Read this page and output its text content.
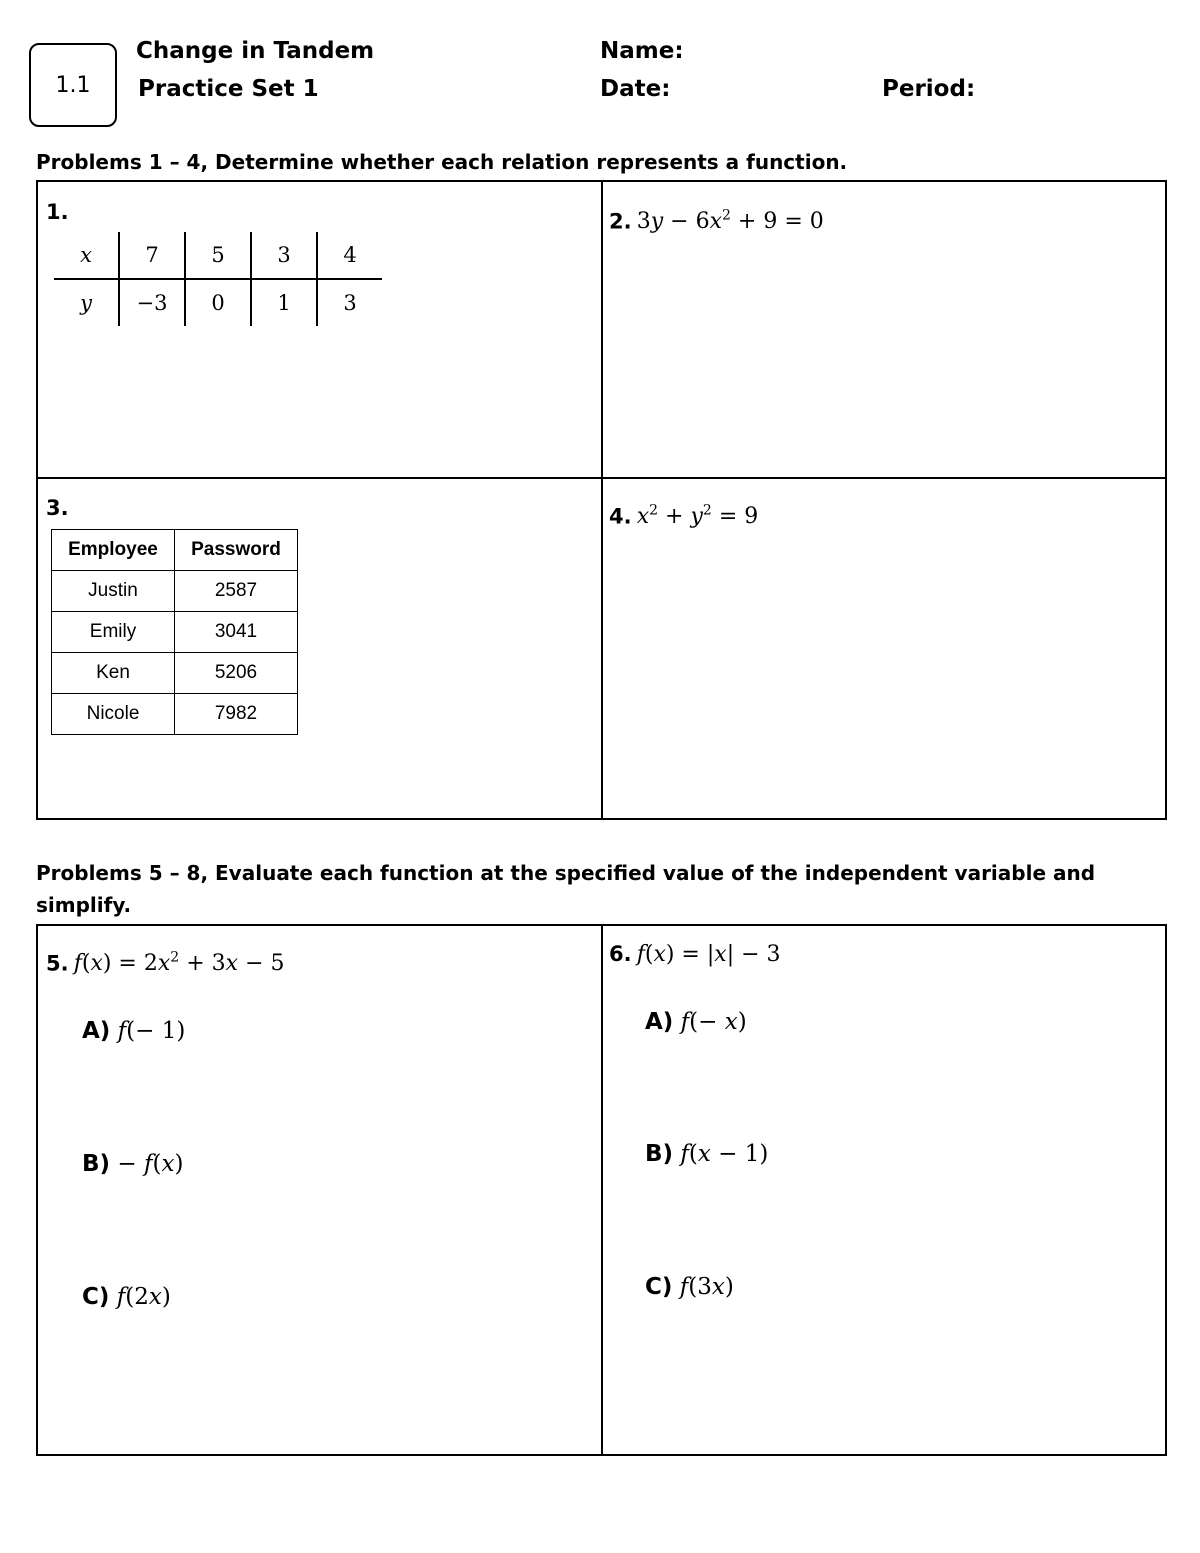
1.1
Change in Tandem
Practice Set 1
Name:
Date:	Period:
Problems 1 – 4, Determine whether each relation represents a function.
1.
x	7	5	3	4
y	−3	0	1	3
2. $3y - 6x^2 + 9 = 0$
3.
Employee	Password
Justin	2587
Emily	3041
Ken	5206
Nicole	7982
4. $x^2 + y^2 = 9$
Problems 5 – 8, Evaluate each function at the specified value of the independent variable and
simplify.
5. $f(x) = 2x^2 + 3x - 5$
A) f(− 1)
B) − f(x)
C) f(2x)
6. f(x) = |x| − 3
A) f(− x)
B) f(x − 1)
C) f(3x)
